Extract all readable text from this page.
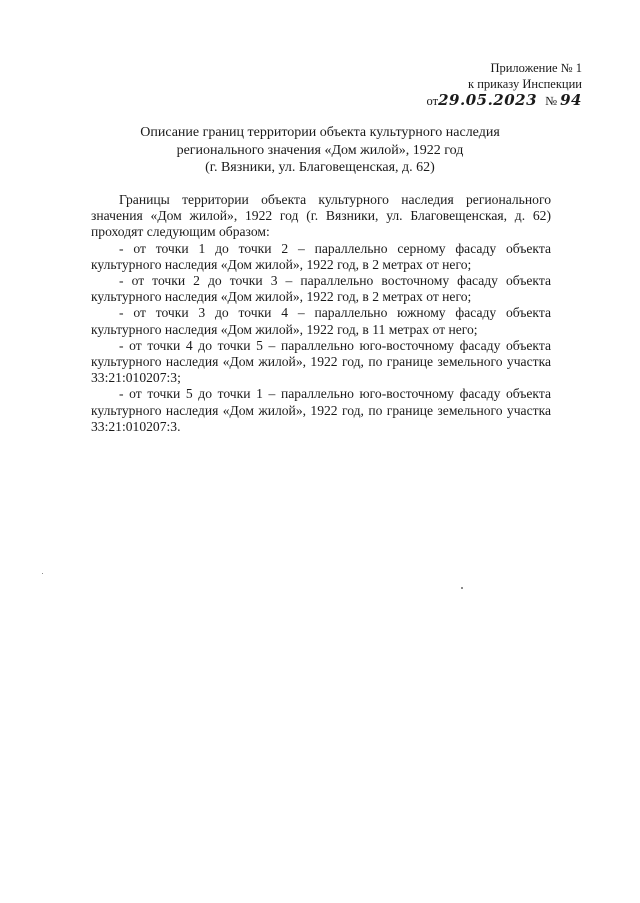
Приложение № 1
к приказу Инспекции
от29.05.2023 № 94
Описание границ территории объекта культурного наследия
регионального значения «Дом жилой», 1922 год
(г. Вязники, ул. Благовещенская, д. 62)

Границы территории объекта культурного наследия регионального значения «Дом жилой», 1922 год (г. Вязники, ул. Благовещенская, д. 62) проходят следующим образом:

- от точки 1 до точки 2 – параллельно серному фасаду объекта культурного наследия «Дом жилой», 1922 год, в 2 метрах от него;

- от точки 2 до точки 3 – параллельно восточному фасаду объекта культурного наследия «Дом жилой», 1922 год, в 2 метрах от него;

- от точки 3 до точки 4 – параллельно южному фасаду объекта культурного наследия «Дом жилой», 1922 год, в 11 метрах от него;

- от точки 4 до точки 5 – параллельно юго-восточному фасаду объекта культурного наследия «Дом жилой», 1922 год, по границе земельного участка 33:21:010207:3;

- от точки 5 до точки 1 – параллельно юго-восточному фасаду объекта культурного наследия «Дом жилой», 1922 год, по границе земельного участка 33:21:010207:3.
